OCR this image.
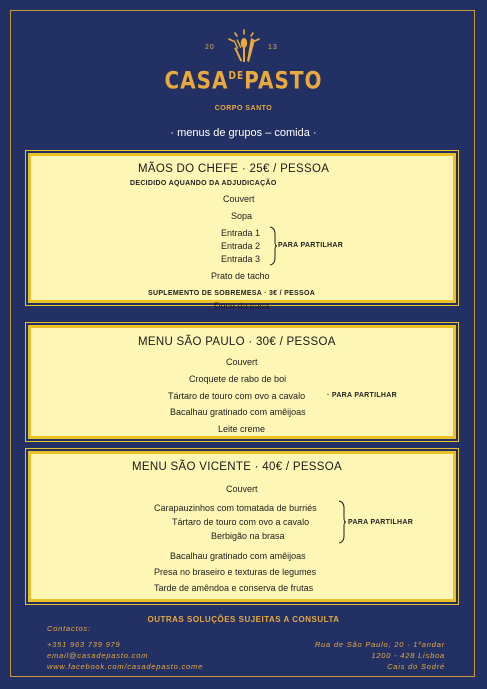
20	13
$CASA^{DE}PASTO$
CORPO SANTO
· menus de grupos – comida ·
MÃOS DO CHEFE · 25€ / PESSOA
DECIDIDO AQUANDO DA ADJUDICAÇÃO
Couvert
Sopa
Entrada 1
Entrada 2
Entrada 3
PARA PARTILHAR
Prato de tacho
SUPLEMENTO DE SOBREMESA · 3€ / PESSOA
Doce da casa
MENU SÃO PAULO · 30€ / PESSOA
Couvert
Croquete de rabo de boi
Tártaro de touro com ovo a cavalo	· PARA PARTILHAR
Bacalhau gratinado com amêijoas
Leite creme
MENU SÃO VICENTE · 40€ / PESSOA
Couvert
Carapauzinhos com tomatada de burriés
Tártaro de touro com ovo a cavalo
Berbigão na brasa
PARA PARTILHAR
Bacalhau gratinado com amêijoas
Presa no braseiro e texturas de legumes
Tarde de amêndoa e conserva de frutas
OUTRAS SOLUÇÕES SUJEITAS A CONSULTA
Contactos:
+351 963 739 979
email@casadepasto.com
www.facebook.com/casadepasto.come
Rua de São Paulo, 20 · 1ºandar
1200 - 428 Lisboa
Cais do Sodré
